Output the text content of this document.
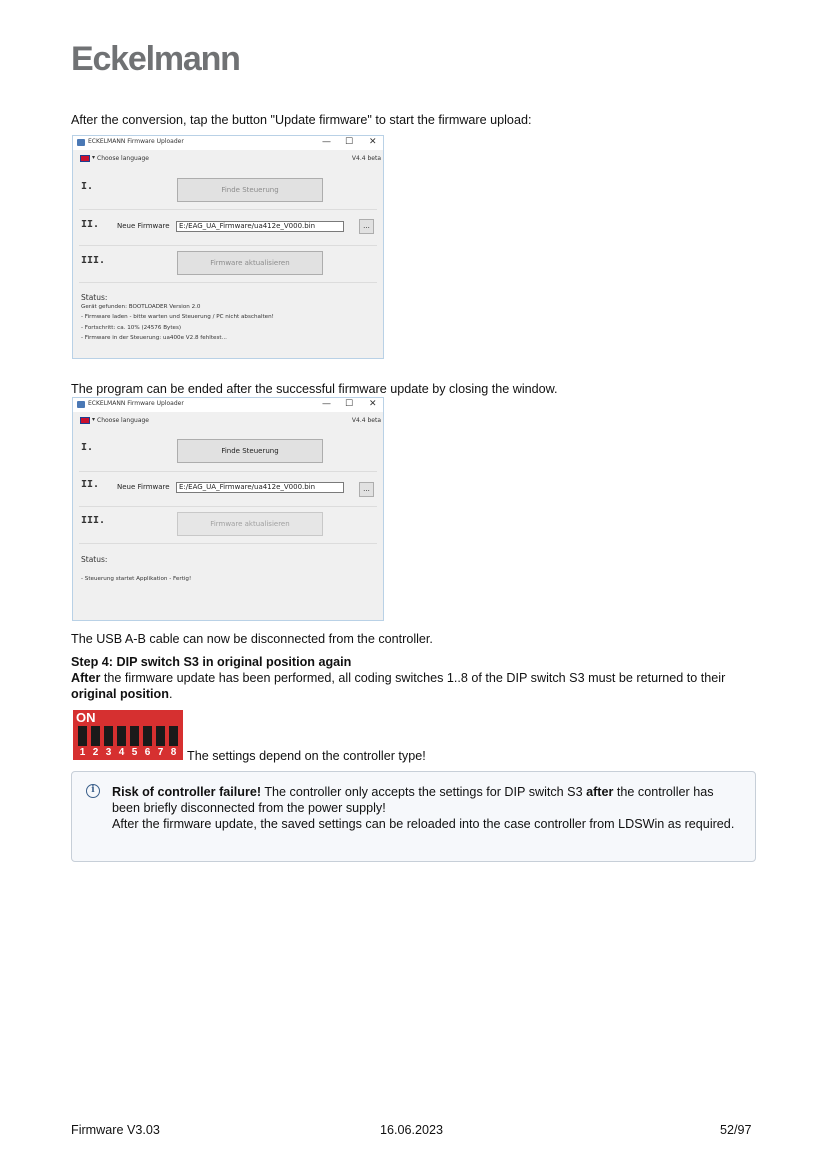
Eckelmann
After the conversion, tap the button "Update firmware" to start the firmware upload:
ECKELMANN Firmware Uploader	— ☐ ✕
▾ Choose language	V4.4 beta
I.	Finde Steuerung
II.	Neue Firmware	E:/EAG_UA_Firmware/ua412e_V000.bin	...
III.	Firmware aktualisieren
Status:
Gerät gefunden: BOOTLOADER Version 2.0
- Firmware laden - bitte warten und Steuerung / PC nicht abschalten!
- Fortschritt: ca. 10% (24576 Bytes)
- Firmware in der Steuerung: ua400e V2.8 fehltest...
The program can be ended after the successful firmware update by closing the window.
ECKELMANN Firmware Uploader	— ☐ ✕
▾ Choose language	V4.4 beta
I.	Finde Steuerung
II.	Neue Firmware	E:/EAG_UA_Firmware/ua412e_V000.bin	...
III.	Firmware aktualisieren
Status:
- Steuerung startet Applikation - Fertig!
The USB A-B cable can now be disconnected from the controller.
Step 4: DIP switch S3 in original position again
After the firmware update has been performed, all coding switches 1..8 of the DIP switch S3 must be returned to their original position.
ON
1 2 3 4 5 6 7 8 The settings depend on the controller type!
i	Risk of controller failure! The controller only accepts the settings for DIP switch S3 after the controller has been briefly disconnected from the power supply!
After the firmware update, the saved settings can be reloaded into the case controller from LDSWin as required.
Firmware V3.03	16.06.2023	52/97
